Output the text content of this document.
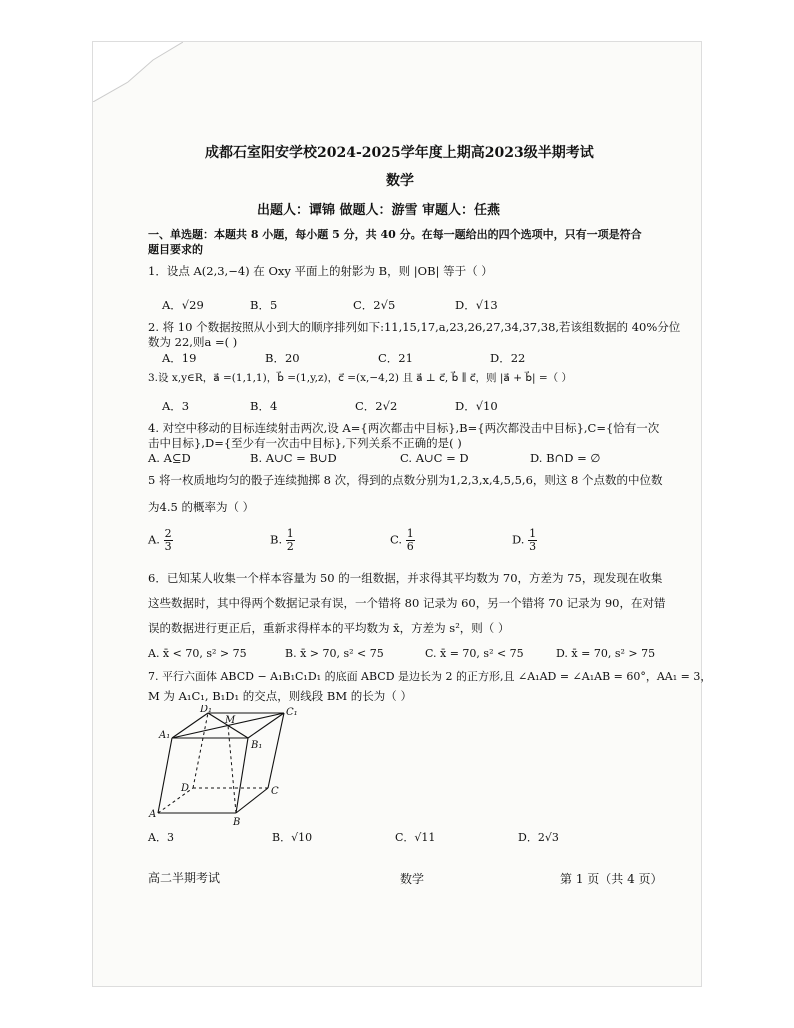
成都石室阳安学校2024-2025学年度上期高2023级半期考试
数学
出题人：谭锦 做题人：游雪 审题人：任燕
一、单选题：本题共 8 小题，每小题 5 分，共 40 分。在每一题给出的四个选项中，只有一项是符合
题目要求的
1．设点 A(2,3,−4) 在 Oxy 平面上的射影为 B，则 |OB| 等于（ ）
A．√29	B．5	C．2√5	D．√13
2. 将 10 个数据按照从小到大的顺序排列如下:11,15,17,a,23,26,27,34,37,38,若该组数据的 40%分位
数为 22,则a =( )
A．19	B．20	C．21	D．22
3.设 x,y∈R，a⃗ =(1,1,1)，b⃗ =(1,y,z)，c⃗ =(x,−4,2) 且 a⃗ ⊥ c⃗, b⃗ ∥ c⃗，则 |a⃗ + b⃗| =（ ）
A．3	B．4	C．2√2	D．√10
4. 对空中移动的目标连续射击两次,设 A={两次都击中目标},B={两次都没击中目标},C={恰有一次
击中目标},D={至少有一次击中目标},下列关系不正确的是( )
A. A⊆D	B. A∪C = B∪D	C. A∪C = D	D. B∩D = ∅
5 将一枚质地均匀的骰子连续抛掷 8 次，得到的点数分别为1,2,3,x,4,5,5,6，则这 8 个点数的中位数
为4.5 的概率为（ ）
A. $\frac{2}{3}$	B. $\frac{1}{2}$	C. $\frac{1}{6}$	D. $\frac{1}{3}$
6．已知某人收集一个样本容量为 50 的一组数据，并求得其平均数为 70，方差为 75，现发现在收集
这些数据时，其中得两个数据记录有误，一个错将 80 记录为 60，另一个错将 70 记录为 90，在对错
误的数据进行更正后，重新求得样本的平均数为 x̄，方差为 s²，则（ ）
A. x̄ < 70, s² > 75	B. x̄ > 70, s² < 75	C. x̄ = 70, s² < 75	D. x̄ = 70, s² > 75
7. 平行六面体 ABCD − A₁B₁C₁D₁ 的底面 ABCD 是边长为 2 的正方形,且 ∠A₁AD = ∠A₁AB = 60°，AA₁ = 3，
M 为 A₁C₁, B₁D₁ 的交点，则线段 BM 的长为（ ）
D₁
M
C₁
A₁
B₁
D	C
A
B
A．3	B．√10	C．√11	D．2√3
高二半期考试	数学	第 1 页（共 4 页）
